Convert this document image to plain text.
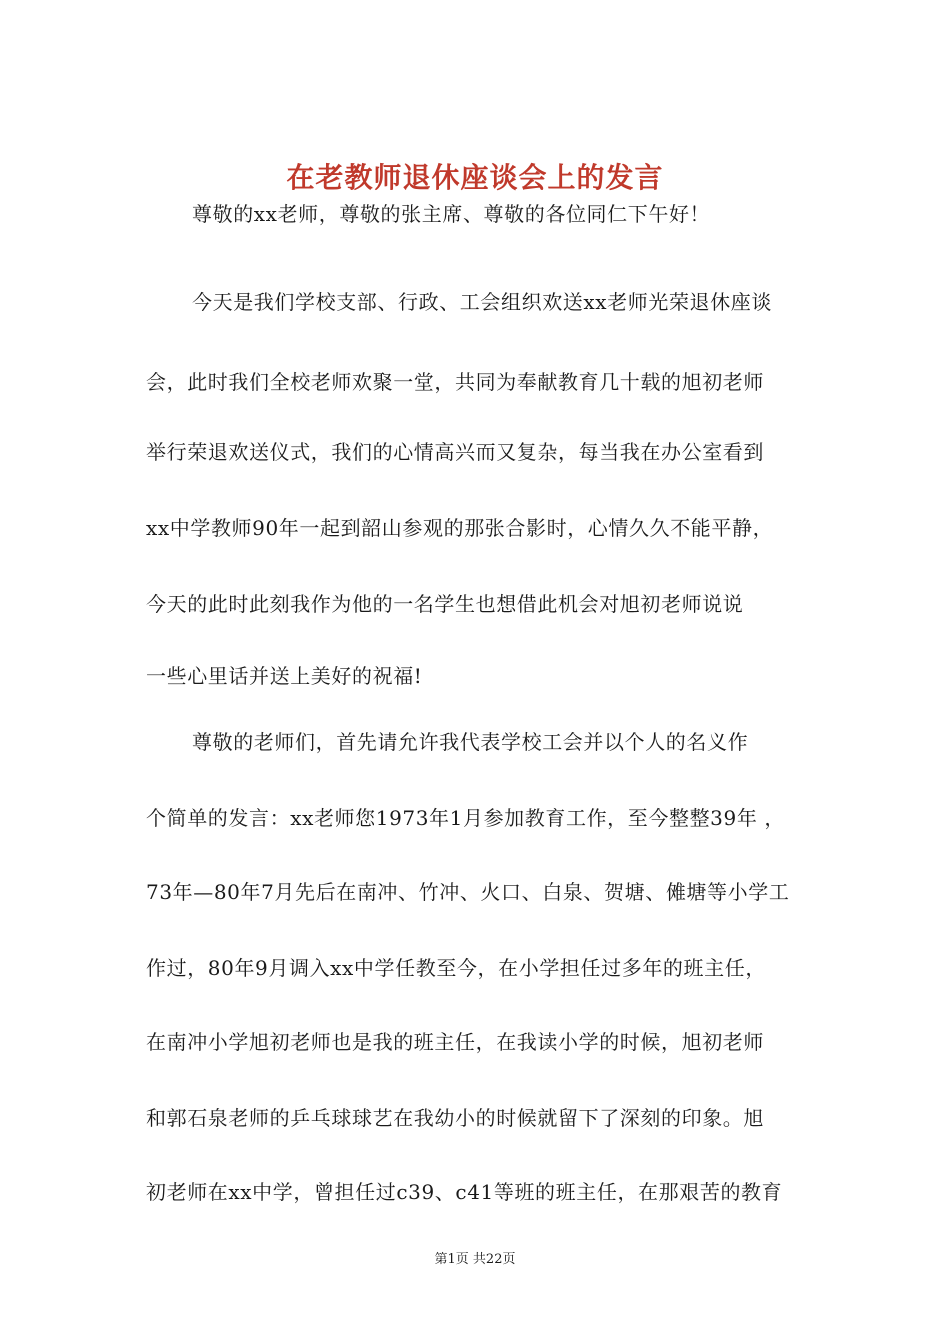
在老教师退休座谈会上的发言
尊敬的xx老师，尊敬的张主席、尊敬的各位同仁下午好！
今天是我们学校支部、行政、工会组织欢送xx老师光荣退休座谈
会，此时我们全校老师欢聚一堂，共同为奉献教育几十载的旭初老师
举行荣退欢送仪式，我们的心情高兴而又复杂，每当我在办公室看到
xx中学教师90年一起到韶山参观的那张合影时，心情久久不能平静，
今天的此时此刻我作为他的一名学生也想借此机会对旭初老师说说
一些心里话并送上美好的祝福!
尊敬的老师们，首先请允许我代表学校工会并以个人的名义作
个简单的发言：xx老师您1973年1月参加教育工作，至今整整39年 ，
73年—80年7月先后在南冲、竹冲、火口、白泉、贺塘、傩塘等小学工
作过，80年9月调入xx中学任教至今，在小学担任过多年的班主任，
在南冲小学旭初老师也是我的班主任，在我读小学的时候，旭初老师
和郭石泉老师的乒乓球球艺在我幼小的时候就留下了深刻的印象。旭
初老师在xx中学，曾担任过c39、c41等班的班主任，在那艰苦的教育
第1页 共22页
